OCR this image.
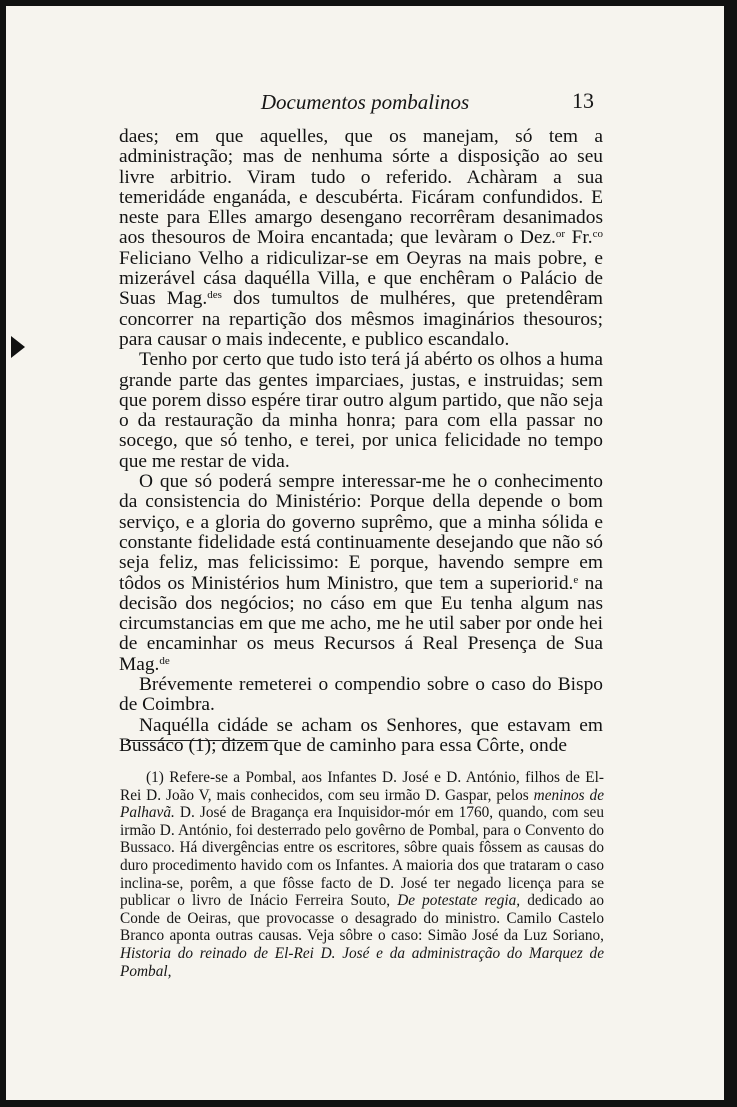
Documentos pombalinos	13

daes; em que aquelles, que os manejam, só tem a administração; mas de nenhuma sórte a disposição ao seu livre arbitrio. Viram tudo o referido. Achàram a sua temeridáde enganáda, e descubérta. Ficáram confundidos. E neste para Elles amargo desengano recorrêram desanimados aos thesouros de Moira encantada; que levàram o Dez.$^{or}$ Fr.$^{co}$ Feliciano Velho a ridiculizar-se em Oeyras na mais pobre, e mizerável cása daquélla Villa, e que enchêram o Palácio de Suas Mag.$^{des}$ dos tumultos de mulhéres, que pretendêram concorrer na repartição dos mêsmos imaginários thesouros; para causar o mais indecente, e publico escandalo.

Tenho por certo que tudo isto terá já abérto os olhos a huma grande parte das gentes imparciaes, justas, e instruidas; sem que porem disso espére tirar outro algum partido, que não seja o da restauração da minha honra; para com ella passar no socego, que só tenho, e terei, por unica felicidade no tempo que me restar de vida.

O que só poderá sempre interessar-me he o conhecimento da consistencia do Ministério: Porque della depende o bom serviço, e a gloria do governo suprêmo, que a minha sólida e constante fidelidade está continuamente desejando que não só seja feliz, mas felicissimo: E porque, havendo sempre em tôdos os Ministérios hum Ministro, que tem a superiorid.$^e$ na decisão dos negócios; no cáso em que Eu tenha algum nas circumstancias em que me acho, me he util saber por onde hei de encaminhar os meus Recursos á Real Presença de Sua Mag.$^{de}$

Brévemente remeterei o compendio sobre o caso do Bispo de Coimbra.

Naquélla cidáde se acham os Senhores, que estavam em Bussáco (1); dizem que de caminho para essa Côrte, onde

(1) Refere-se a Pombal, aos Infantes D. José e D. António, filhos de El-Rei D. João V, mais conhecidos, com seu irmão D. Gaspar, pelos meninos de Palhavã. D. José de Bragança era Inquisidor-mór em 1760, quando, com seu irmão D. António, foi desterrado pelo govêrno de Pombal, para o Convento do Bussaco. Há divergências entre os escritores, sôbre quais fôssem as causas do duro procedimento havido com os Infantes. A maioria dos que trataram o caso inclina-se, porêm, a que fôsse facto de D. José ter negado licença para se publicar o livro de Inácio Ferreira Souto, De potestate regia, dedicado ao Conde de Oeiras, que provocasse o desagrado do ministro. Camilo Castelo Branco aponta outras causas. Veja sôbre o caso: Simão José da Luz Soriano, Historia do reinado de El-Rei D. José e da administração do Marquez de Pombal,
